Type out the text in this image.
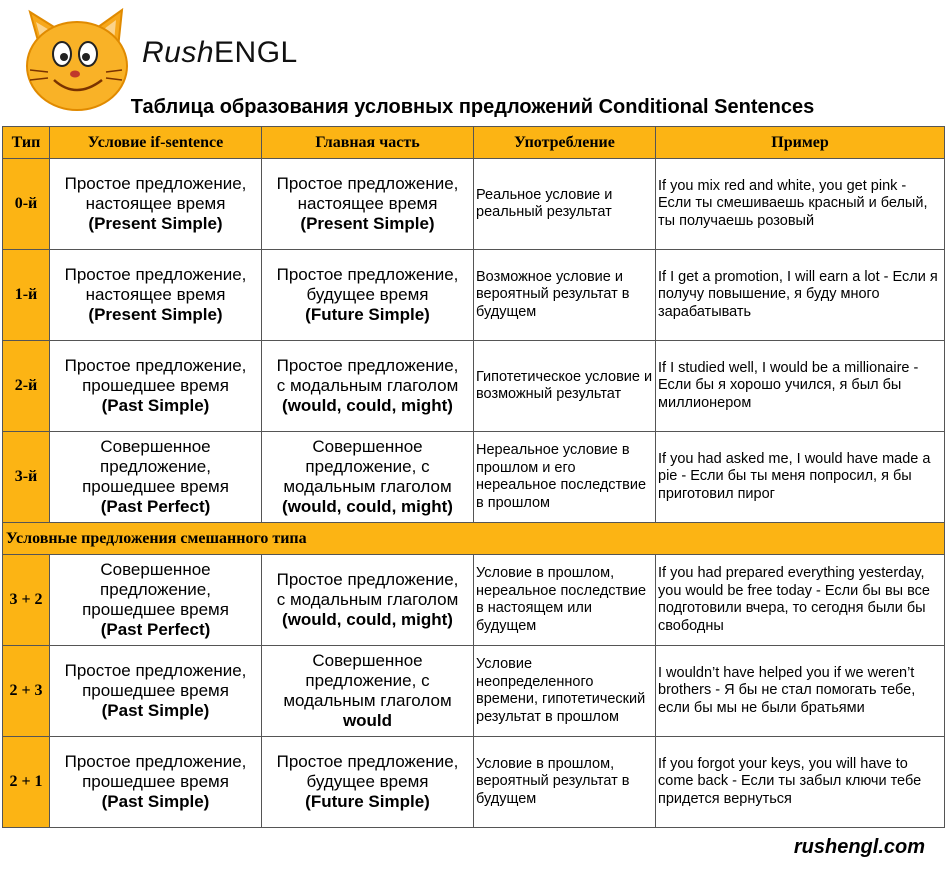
RushENGL
Таблица образования условных предложений Conditional Sentences
Тип	Условие if-sentence	Главная часть	Употребление	Пример
0-й	Простое предложение,
настоящее время
(Present Simple)	Простое предложение,
настоящее время
(Present Simple)	Реальное условие и реальный результат	If you mix red and white, you get pink - Если ты смешиваешь красный и белый, ты получаешь розовый
1-й	Простое предложение,
настоящее время
(Present Simple)	Простое предложение,
будущее время
(Future Simple)	Возможное условие и вероятный результат в будущем	If I get a promotion, I will earn a lot - Если я получу повышение, я буду много зарабатывать
2-й	Простое предложение,
прошедшее время
(Past Simple)	Простое предложение,
с модальным глаголом
(would, could, might)	Гипотетическое условие и возможный результат	If I studied well, I would be a millionaire - Если бы я хорошо учился, я был бы миллионером
3-й	Совершенное
предложение,
прошедшее время
(Past Perfect)	Совершенное
предложение, с
модальным глаголом
(would, could, might)	Нереальное условие в прошлом и его нереальное последствие в прошлом	If you had asked me, I would have made a pie - Если бы ты меня попросил, я бы приготовил пирог
Условные предложения смешанного типа				
3 + 2	Совершенное
предложение,
прошедшее время
(Past Perfect)	Простое предложение,
с модальным глаголом
(would, could, might)	Условие в прошлом, нереальное последствие в настоящем или будущем	If you had prepared everything yesterday, you would be free today - Если бы вы все подготовили вчера, то сегодня были бы свободны
2 + 3	Простое предложение,
прошедшее время
(Past Simple)	Совершенное
предложение, с
модальным глаголом
would	Условие неопределенного времени, гипотетический результат в прошлом	I wouldn’t have helped you if we weren’t brothers - Я бы не стал помогать тебе, если бы мы не были братьями
2 + 1	Простое предложение,
прошедшее время
(Past Simple)	Простое предложение,
будущее время
(Future Simple)	Условие в прошлом, вероятный результат в будущем	If you forgot your keys, you will have to come back - Если ты забыл ключи тебе придется вернуться
rushengl.com
